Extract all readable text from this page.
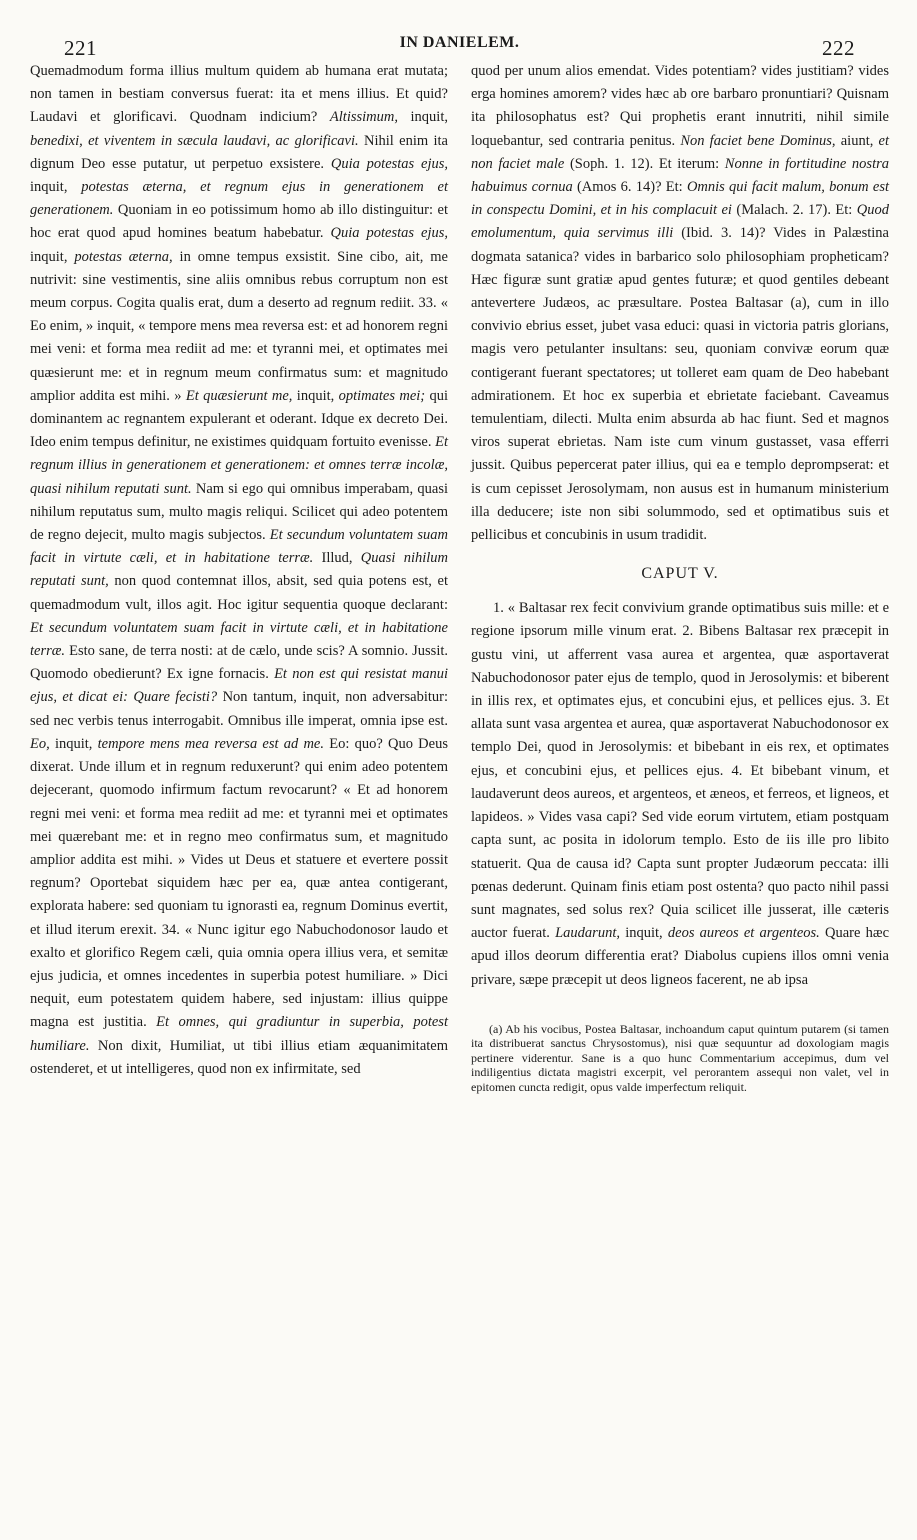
221	IN DANIELEM.	222

Quemadmodum forma illius multum quidem ab humana erat mutata; non tamen in bestiam conversus fuerat: ita et mens illius. Et quid? Laudavi et glorificavi. Quodnam indicium? Altissimum, inquit, benedixi, et viventem in sæcula laudavi, ac glorificavi. Nihil enim ita dignum Deo esse putatur, ut perpetuo exsistere. Quia potestas ejus, inquit, potestas æterna, et regnum ejus in generationem et generationem. Quoniam in eo potissimum homo ab illo distinguitur: et hoc erat quod apud homines beatum habebatur. Quia potestas ejus, inquit, potestas æterna, in omne tempus exsistit. Sine cibo, ait, me nutrivit: sine vestimentis, sine aliis omnibus rebus corruptum non est meum corpus. Cogita qualis erat, dum a deserto ad regnum rediit. 33. « Eo enim, » inquit, « tempore mens mea reversa est: et ad honorem regni mei veni: et forma mea rediit ad me: et tyranni mei, et optimates mei quæsierunt me: et in regnum meum confirmatus sum: et magnitudo amplior addita est mihi. » Et quæsierunt me, inquit, optimates mei; qui dominantem ac regnantem expulerant et oderant. Idque ex decreto Dei. Ideo enim tempus definitur, ne existimes quidquam fortuito evenisse. Et regnum illius in generationem et generationem: et omnes terræ incolæ, quasi nihilum reputati sunt. Nam si ego qui omnibus imperabam, quasi nihilum reputatus sum, multo magis reliqui. Scilicet qui adeo potentem de regno dejecit, multo magis subjectos. Et secundum voluntatem suam facit in virtute cæli, et in habitatione terræ. Illud, Quasi nihilum reputati sunt, non quod contemnat illos, absit, sed quia potens est, et quemadmodum vult, illos agit. Hoc igitur sequentia quoque declarant: Et secundum voluntatem suam facit in virtute cæli, et in habitatione terræ. Esto sane, de terra nosti: at de cælo, unde scis? A somnio. Jussit. Quomodo obedierunt? Ex igne fornacis. Et non est qui resistat manui ejus, et dicat ei: Quare fecisti? Non tantum, inquit, non adversabitur: sed nec verbis tenus interrogabit. Omnibus ille imperat, omnia ipse est. Eo, inquit, tempore mens mea reversa est ad me. Eo: quo? Quo Deus dixerat. Unde illum et in regnum reduxerunt? qui enim adeo potentem dejecerant, quomodo infirmum factum revocarunt? « Et ad honorem regni mei veni: et forma mea rediit ad me: et tyranni mei et optimates mei quærebant me: et in regno meo confirmatus sum, et magnitudo amplior addita est mihi. » Vides ut Deus et statuere et evertere possit regnum? Oportebat siquidem hæc per ea, quæ antea contigerant, explorata habere: sed quoniam tu ignorasti ea, regnum Dominus evertit, et illud iterum erexit. 34. « Nunc igitur ego Nabuchodonosor laudo et exalto et glorifico Regem cæli, quia omnia opera illius vera, et semitæ ejus judicia, et omnes incedentes in superbia potest humiliare. » Dici nequit, eum potestatem quidem habere, sed injustam: illius quippe magna est justitia. Et omnes, qui gradiuntur in superbia, potest humiliare. Non dixit, Humiliat, ut tibi illius etiam æquanimitatem ostenderet, et ut intelligeres, quod non ex infirmitate, sed

quod per unum alios emendat. Vides potentiam? vides justitiam? vides erga homines amorem? vides hæc ab ore barbaro pronuntiari? Quisnam ita philosophatus est? Qui prophetis erant innutriti, nihil simile loquebantur, sed contraria penitus. Non faciet bene Dominus, aiunt, et non faciet male (Soph. 1. 12). Et iterum: Nonne in fortitudine nostra habuimus cornua (Amos 6. 14)? Et: Omnis qui facit malum, bonum est in conspectu Domini, et in his complacuit ei (Malach. 2. 17). Et: Quod emolumentum, quia servimus illi (Ibid. 3. 14)? Vides in Palæstina dogmata satanica? vides in barbarico solo philosophiam propheticam? Hæc figuræ sunt gratiæ apud gentes futuræ; et quod gentiles debeant antevertere Judæos, ac præsultare. Postea Baltasar (a), cum in illo convivio ebrius esset, jubet vasa educi: quasi in victoria patris glorians, magis vero petulanter insultans: seu, quoniam convivæ eorum quæ contigerant fuerant spectatores; ut tolleret eam quam de Deo habebant admirationem. Et hoc ex superbia et ebrietate faciebant. Caveamus temulentiam, dilecti. Multa enim absurda ab hac fiunt. Sed et magnos viros superat ebrietas. Nam iste cum vinum gustasset, vasa efferri jussit. Quibus pepercerat pater illius, qui ea e templo deprompserat: et is cum cepisset Jerosolymam, non ausus est in humanum ministerium illa deducere; iste non sibi solummodo, sed et optimatibus suis et pellicibus et concubinis in usum tradidit.

CAPUT V.

1. « Baltasar rex fecit convivium grande optimatibus suis mille: et e regione ipsorum mille vinum erat. 2. Bibens Baltasar rex præcepit in gustu vini, ut afferrent vasa aurea et argentea, quæ asportaverat Nabuchodonosor pater ejus de templo, quod in Jerosolymis: et biberent in illis rex, et optimates ejus, et concubini ejus, et pellices ejus. 3. Et allata sunt vasa argentea et aurea, quæ asportaverat Nabuchodonosor ex templo Dei, quod in Jerosolymis: et bibebant in eis rex, et optimates ejus, et concubini ejus, et pellices ejus. 4. Et bibebant vinum, et laudaverunt deos aureos, et argenteos, et æneos, et ferreos, et ligneos, et lapideos. » Vides vasa capi? Sed vide eorum virtutem, etiam postquam capta sunt, ac posita in idolorum templo. Esto de iis ille pro libito statuerit. Qua de causa id? Capta sunt propter Judæorum peccata: illi pœnas dederunt. Quinam finis etiam post ostenta? quo pacto nihil passi sunt magnates, sed solus rex? Quia scilicet ille jusserat, ille cæteris auctor fuerat. Laudarunt, inquit, deos aureos et argenteos. Quare hæc apud illos deorum differentia erat? Diabolus cupiens illos omni venia privare, sæpe præcepit ut deos ligneos facerent, ne ab ipsa

(a) Ab his vocibus, Postea Baltasar, inchoandum caput quintum putarem (si tamen ita distribuerat sanctus Chrysostomus), nisi quæ sequuntur ad doxologiam magis pertinere viderentur. Sane is a quo hunc Commentarium accepimus, dum vel indiligentius dictata magistri excerpit, vel perorantem assequi non valet, vel in epitomen cuncta redigit, opus valde imperfectum reliquit.
